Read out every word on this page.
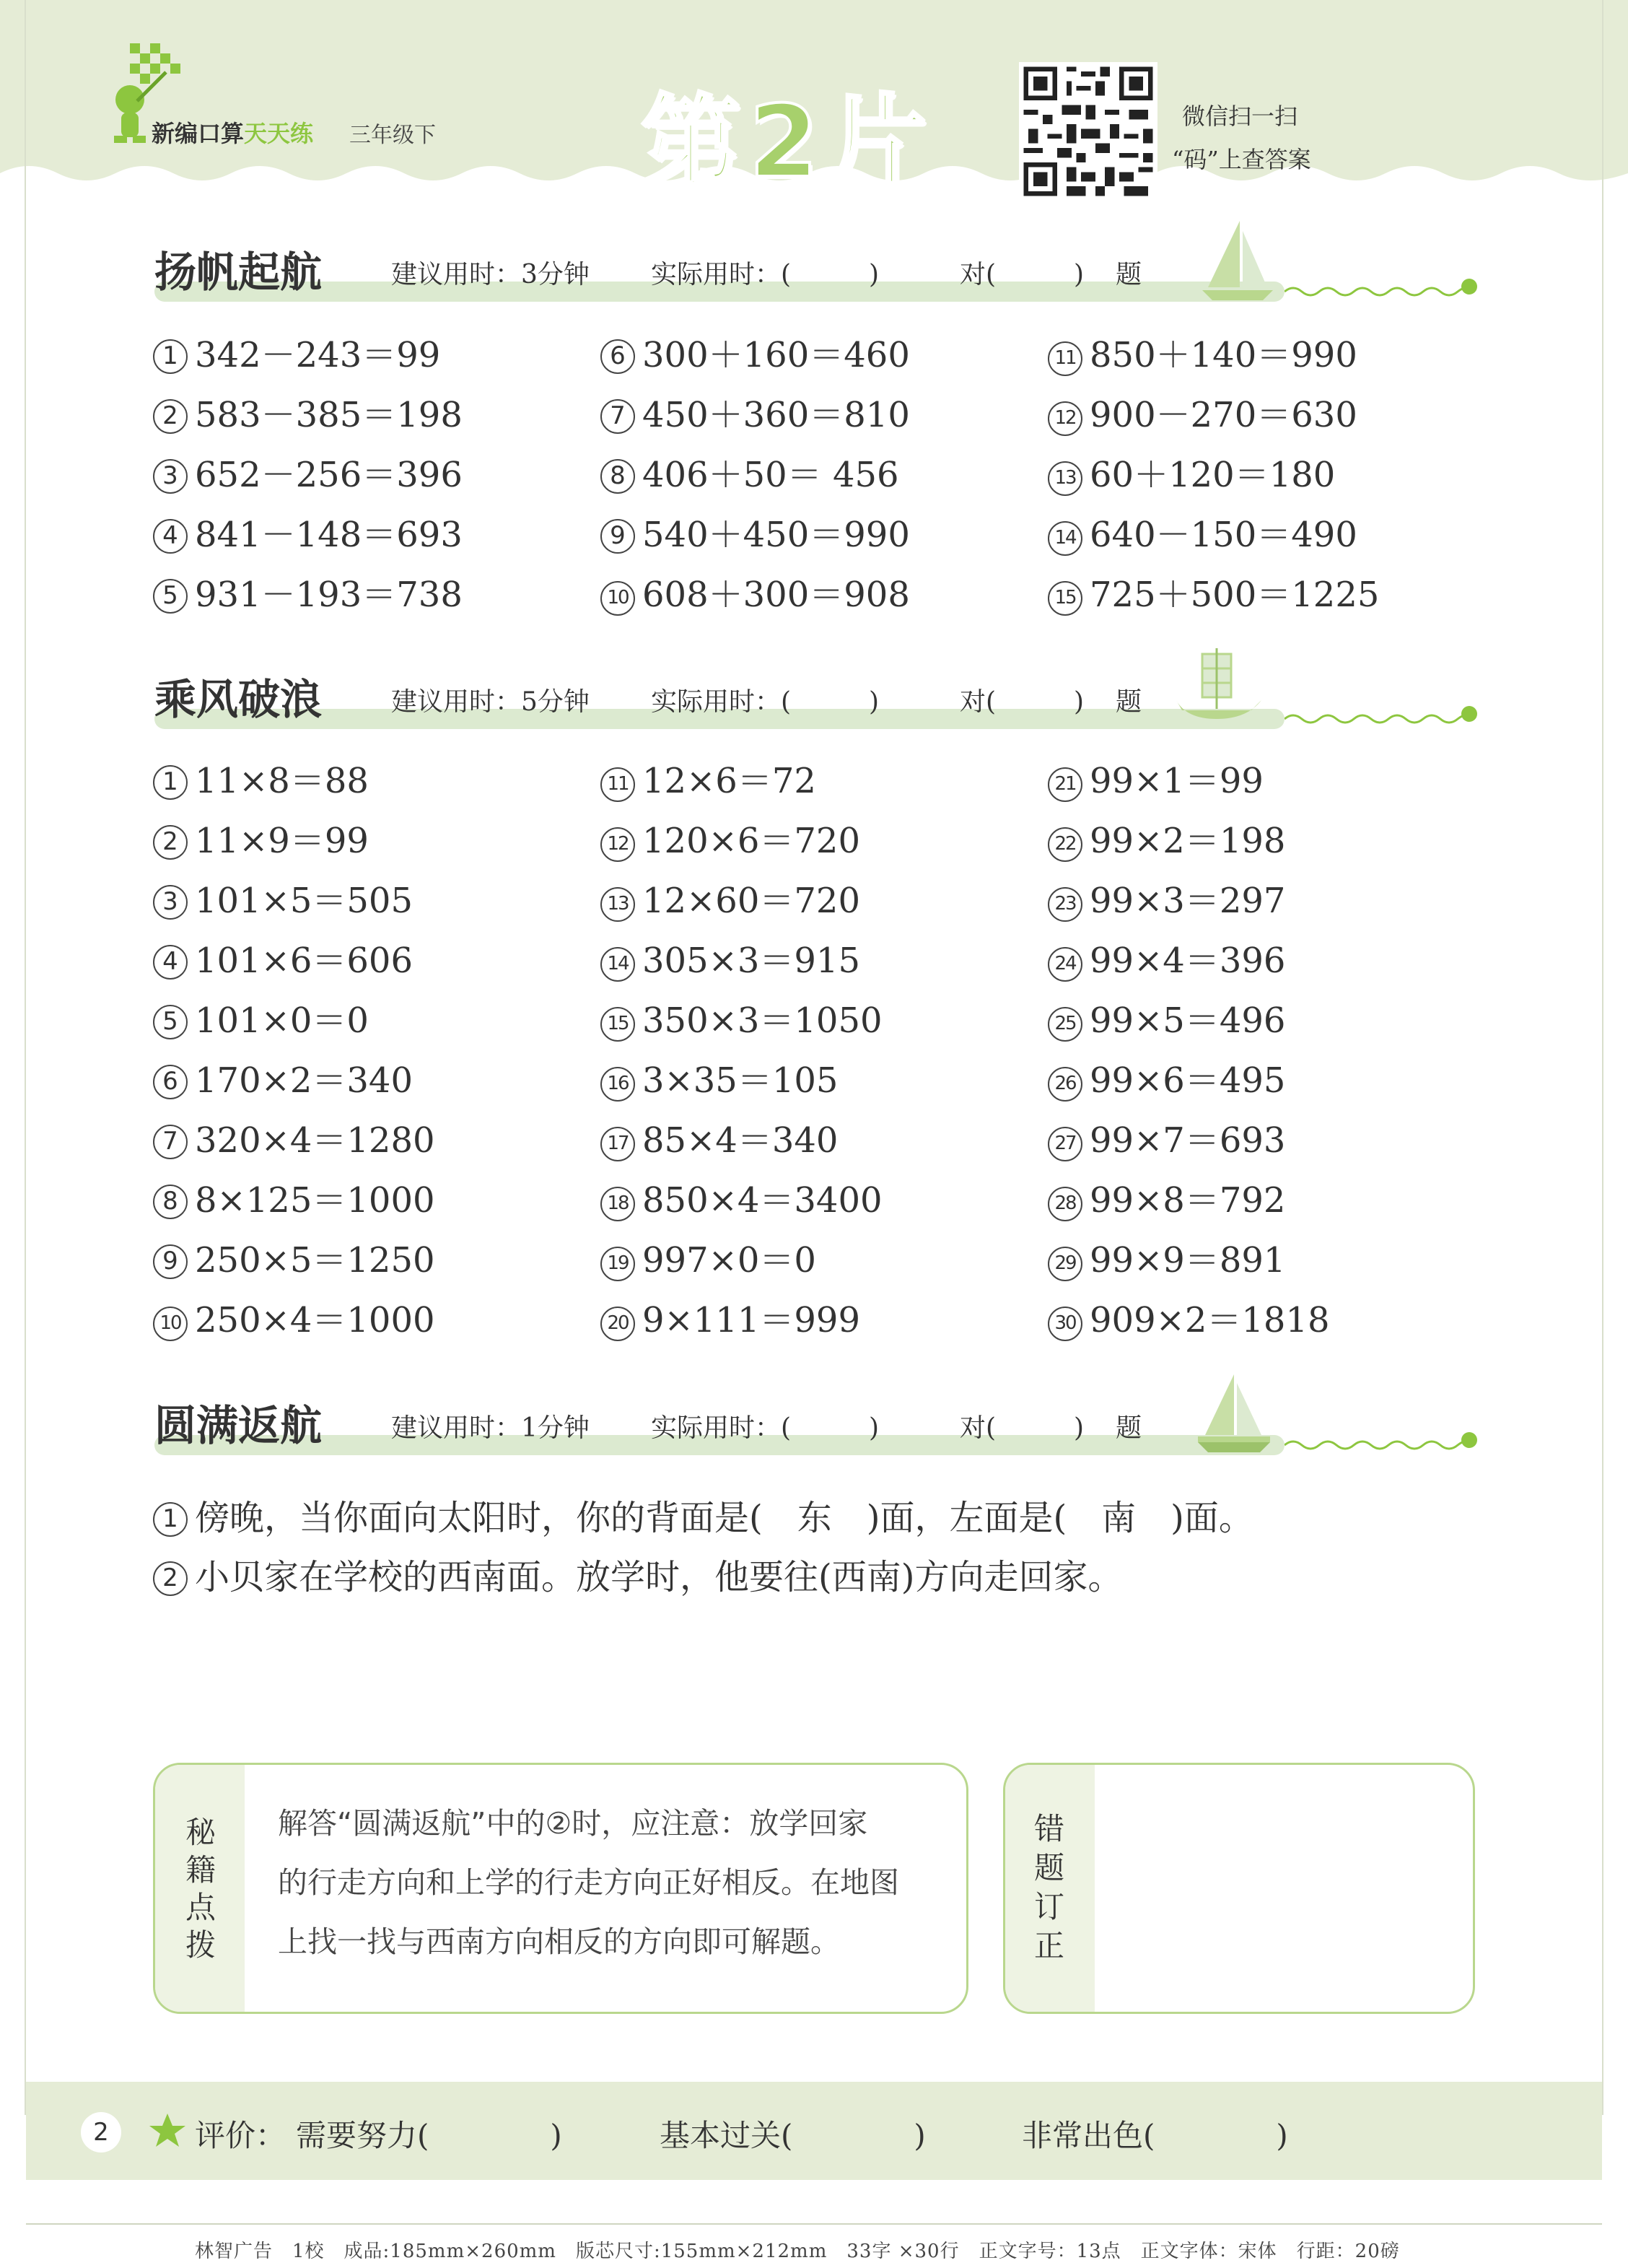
新编口算天天练 三年级下 第2片	微信扫一扫
“码”上查答案
扬帆起航	建议用时：3分钟 实际用时：(　　　)	对(　　　) 题
1 342－243＝99
2 583－385＝198
3 652－256＝396
4 841－148＝693
5 931－193＝738
6 300＋160＝460
7 450＋360＝810
8 406＋50＝ 456
9 540＋450＝990
10 608＋300＝908
11 850＋140＝990
12 900－270＝630
13 60＋120＝180
14 640－150＝490
15 725＋500＝1225
乘风破浪	建议用时：5分钟 实际用时：(　　　)	对(　　　) 题
1 11×8＝88
2 11×9＝99
3 101×5＝505
4 101×6＝606
5 101×0＝0
6 170×2＝340
7 320×4＝1280
8 8×125＝1000
9 250×5＝1250
10 250×4＝1000
11 12×6＝72
12 120×6＝720
13 12×60＝720
14 305×3＝915
15 350×3＝1050
16 3×35＝105
17 85×4＝340
18 850×4＝3400
19 997×0＝0
20 9×111＝999
21 99×1＝99
22 99×2＝198
23 99×3＝297
24 99×4＝396
25 99×5＝496
26 99×6＝495
27 99×7＝693
28 99×8＝792
29 99×9＝891
30 909×2＝1818
圆满返航	建议用时：1分钟 实际用时：(　　　)	对(　　　) 题
1 傍晚，当你面向太阳时，你的背面是(　东　)面，左面是(　南　)面。
2 小贝家在学校的西南面。放学时，他要往(西南)方向走回家。
秘籍点拨
解答“圆满返航”中的②时，应注意：放学回家
的行走方向和上学的行走方向正好相反。在地图
上找一找与西南方向相反的方向即可解题。
错题订正
2	评价： 需要努力(　　　　)	基本过关(　　　　)	非常出色(　　　　)
林智广告　1校　成品:185mm×260mm　版芯尺寸:155mm×212mm　33字 ×30行　正文字号：13点　正文字体：宋体　行距：20磅
